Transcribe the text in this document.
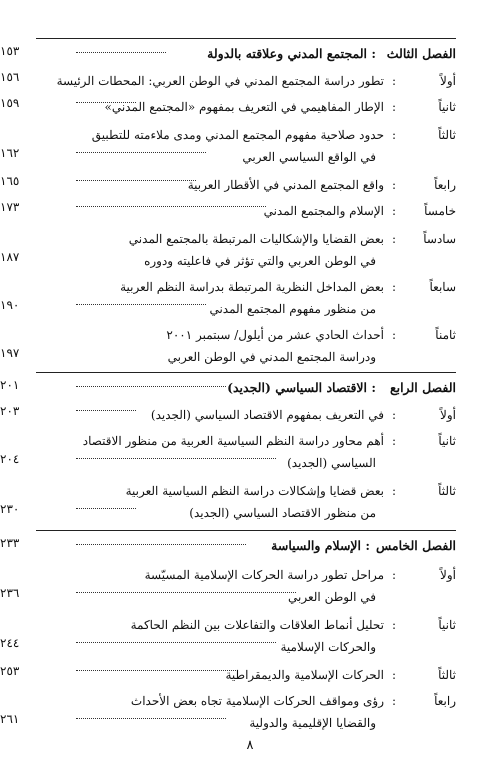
الفصل الثالث
: المجتمع المدني وعلاقته بالدولة
١٥٣
أولاً
:
تطور دراسة المجتمع المدني في الوطن العربي: المحطات الرئيسة
١٥٦
ثانياً
:
الإطار المفاهيمي في التعريف بمفهوم «المجتمع المدني»
١٥٩
ثالثاً
:
حدود صلاحية مفهوم المجتمع المدني ومدى ملاءمته للتطبيق
في الواقع السياسي العربي
١٦٢
رابعاً
:
واقع المجتمع المدني في الأقطار العربية
١٦٥
خامساً
:
الإسلام والمجتمع المدني
١٧٣
سادساً
:
بعض القضايا والإشكاليات المرتبطة بالمجتمع المدني
في الوطن العربي والتي تؤثر في فاعليته ودوره
١٨٧
سابعاً
:
بعض المداخل النظرية المرتبطة بدراسة النظم العربية
من منظور مفهوم المجتمع المدني
١٩٠
ثامناً
:
أحداث الحادي عشر من أيلول/ سبتمبر ٢٠٠١
ودراسة المجتمع المدني في الوطن العربي
١٩٧
الفصل الرابع
: الاقتصاد السياسي (الجديد)
٢٠١
أولاً
:
في التعريف بمفهوم الاقتصاد السياسي (الجديد)
٢٠٣
ثانياً
:
أهم محاور دراسة النظم السياسية العربية من منظور الاقتصاد
السياسي (الجديد)
٢٠٤
ثالثاً
:
بعض قضايا وإشكالات دراسة النظم السياسية العربية
من منظور الاقتصاد السياسي (الجديد)
٢٣٠
الفصل الخامس
: الإسلام والسياسة
٢٣٣
أولاً
:
مراحل تطور دراسة الحركات الإسلامية المسيّسة
في الوطن العربي
٢٣٦
ثانياً
:
تحليل أنماط العلاقات والتفاعلات بين النظم الحاكمة
والحركات الإسلامية
٢٤٤
ثالثاً
:
الحركات الإسلامية والديمقراطية
٢٥٣
رابعاً
:
رؤى ومواقف الحركات الإسلامية تجاه بعض الأحداث
والقضايا الإقليمية والدولية
٢٦١
٨
